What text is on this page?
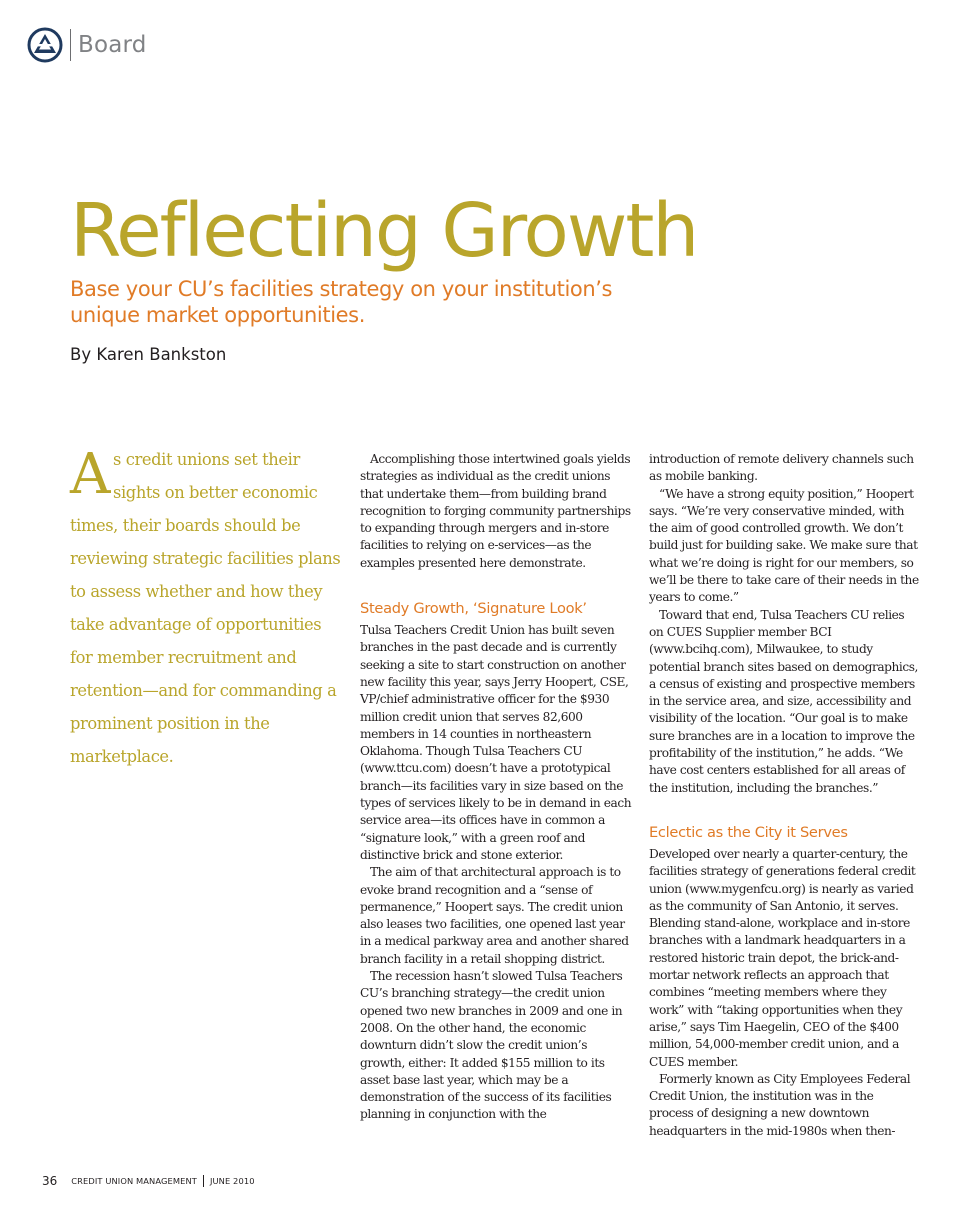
Board
Reflecting Growth

Base your CU’s facilities strategy on your institution’s unique market opportunities.

By Karen Bankston

As credit unions set their sights on better economic times, their boards should be reviewing strategic facilities plans to assess whether and how they take advantage of opportunities for member recruitment and retention—and for commanding a prominent position in the marketplace.

Accomplishing those intertwined goals yields strategies as individual as the credit unions that undertake them—from building brand recognition to forging community partnerships to expanding through mergers and in-store facilities to relying on e-services—as the examples presented here demonstrate.

Steady Growth, ‘Signature Look’

Tulsa Teachers Credit Union has built seven branches in the past decade and is currently seeking a site to start construction on another new facility this year, says Jerry Hoopert, CSE, VP/chief administrative officer for the $930 million credit union that serves 82,600 members in 14 counties in northeastern Oklahoma. Though Tulsa Teachers CU (www.ttcu.com) doesn’t have a prototypical branch—its facilities vary in size based on the types of services likely to be in demand in each service area—its offices have in common a “signature look,” with a green roof and distinctive brick and stone exterior.

The aim of that architectural approach is to evoke brand recognition and a “sense of permanence,” Hoopert says. The credit union also leases two facilities, one opened last year in a medical parkway area and another shared branch facility in a retail shopping district.

The recession hasn’t slowed Tulsa Teachers CU’s branching strategy—the credit union opened two new branches in 2009 and one in 2008. On the other hand, the economic downturn didn’t slow the credit union’s growth, either: It added $155 million to its asset base last year, which may be a demonstration of the success of its facilities planning in conjunction with the

introduction of remote delivery channels such as mobile banking.

“We have a strong equity position,” Hoopert says. “We’re very conservative minded, with the aim of good controlled growth. We don’t build just for building sake. We make sure that what we’re doing is right for our members, so we’ll be there to take care of their needs in the years to come.”

Toward that end, Tulsa Teachers CU relies on CUES Supplier member BCI (www.bcihq.com), Milwaukee, to study potential branch sites based on demographics, a census of existing and prospective members in the service area, and size, accessibility and visibility of the location. “Our goal is to make sure branches are in a location to improve the profitability of the institution,” he adds. “We have cost centers established for all areas of the institution, including the branches.”

Eclectic as the City it Serves

Developed over nearly a quarter-century, the facilities strategy of generations federal credit union (www.mygenfcu.org) is nearly as varied as the community of San Antonio, it serves. Blending stand-alone, workplace and in-store branches with a landmark headquarters in a restored historic train depot, the brick-and-mortar network reflects an approach that combines “meeting members where they work” with “taking opportunities when they arise,” says Tim Haegelin, CEO of the $400 million, 54,000-member credit union, and a CUES member.

Formerly known as City Employees Federal Credit Union, the institution was in the process of designing a new downtown headquarters in the mid-1980s when then-

36 CREDIT UNION MANAGEMENT JUNE 2010
